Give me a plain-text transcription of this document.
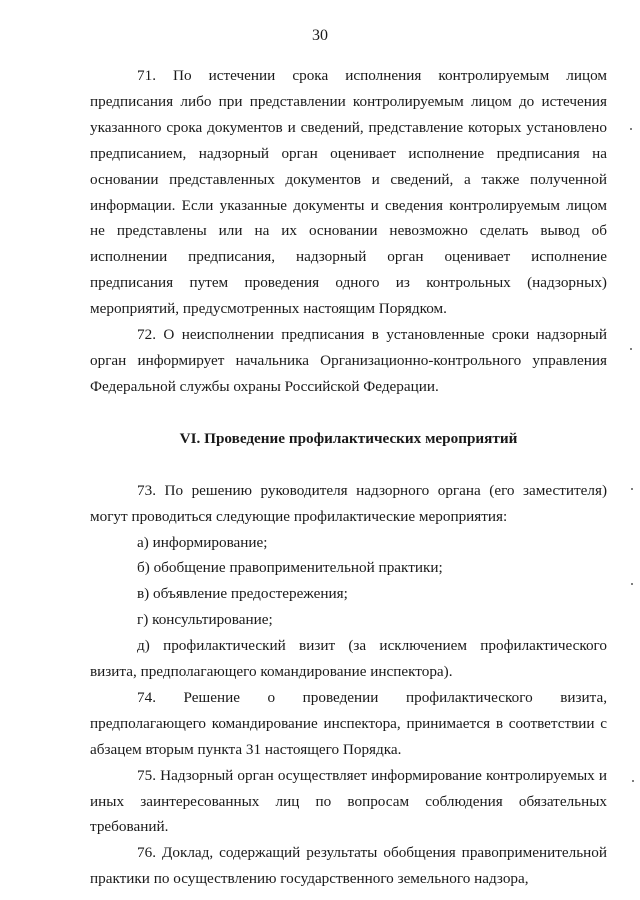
30

71. По истечении срока исполнения контролируемым лицом предписания либо при представлении контролируемым лицом до истечения указанного срока документов и сведений, представление которых установлено предписанием, надзорный орган оценивает исполнение предписания на основании представленных документов и сведений, а также полученной информации. Если указанные документы и сведения контролируемым лицом не представлены или на их основании невозможно сделать вывод об исполнении предписания, надзорный орган оценивает исполнение предписания путем проведения одного из контрольных (надзорных) мероприятий, предусмотренных настоящим Порядком.

72. О неисполнении предписания в установленные сроки надзорный орган информирует начальника Организационно-контрольного управления Федеральной службы охраны Российской Федерации.

VI. Проведение профилактических мероприятий

73. По решению руководителя надзорного органа (его заместителя) могут проводиться следующие профилактические мероприятия:

а) информирование;

б) обобщение правоприменительной практики;

в) объявление предостережения;

г) консультирование;

д) профилактический визит (за исключением профилактического визита, предполагающего командирование инспектора).

74. Решение о проведении профилактического визита, предполагающего командирование инспектора, принимается в соответствии с абзацем вторым пункта 31 настоящего Порядка.

75. Надзорный орган осуществляет информирование контролируемых и иных заинтересованных лиц по вопросам соблюдения обязательных требований.

76. Доклад, содержащий результаты обобщения правоприменительной практики по осуществлению государственного земельного надзора,
